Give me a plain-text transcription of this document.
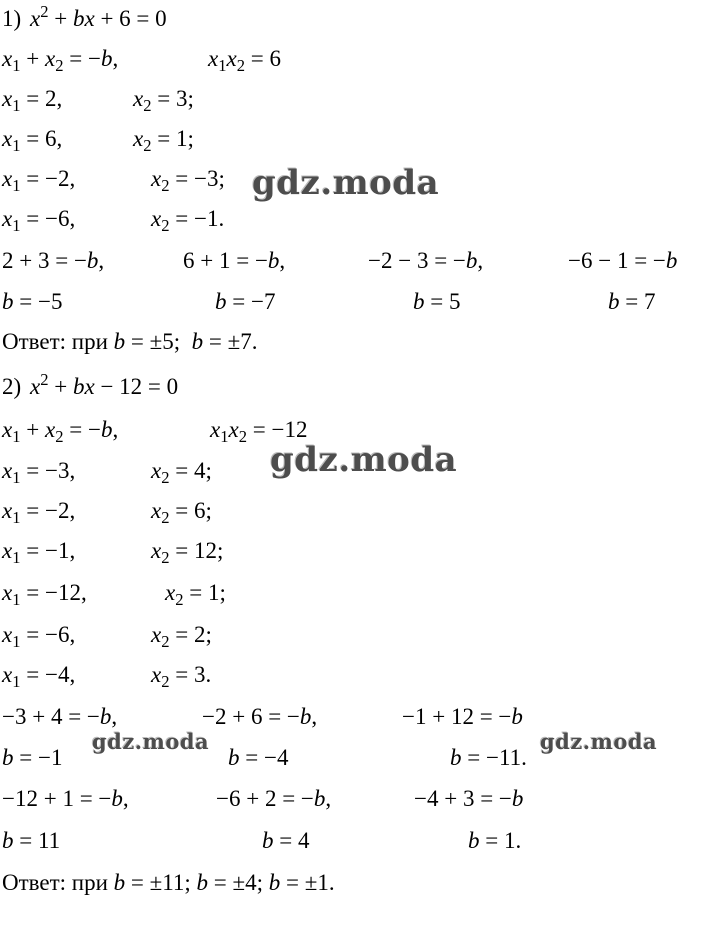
1) $x^2$ + bx + 6 = 0
$x_1 + x_2 = -b$,	$x_1x_2 = 6$
$x_1 = 2$,	$x_2 = 3$;
$x_1 = 6$,	$x_2 = 1$;
$x_1 = -2$,	$x_2 = -3$;
$x_1 = -6$,	$x_2 = -1$.
2 + 3 = −b,	6 + 1 = −b,	−2 − 3 = −b,	−6 − 1 = −b
b = −5	b = −7	b = 5	b = 7
Ответ: при b = ±5; b = ±7.
2) $x^2$ + bx − 12 = 0
$x_1 + x_2 = -b$,	$x_1x_2 = -12$
$x_1 = -3$,	$x_2 = 4$;
$x_1 = -2$,	$x_2 = 6$;
$x_1 = -1$,	$x_2 = 12$;
$x_1 = -12$,	$x_2 = 1$;
$x_1 = -6$,	$x_2 = 2$;
$x_1 = -4$,	$x_2 = 3$.
−3 + 4 = −b,	−2 + 6 = −b,	−1 + 12 = −b
b = −1	b = −4	b = −11.
−12 + 1 = −b,	−6 + 2 = −b,	−4 + 3 = −b
b = 11	b = 4	b = 1.
Ответ: при b = ±11; b = ±4; b = ±1.
gdz.moda
gdz.moda
gdz.moda	gdz.moda
